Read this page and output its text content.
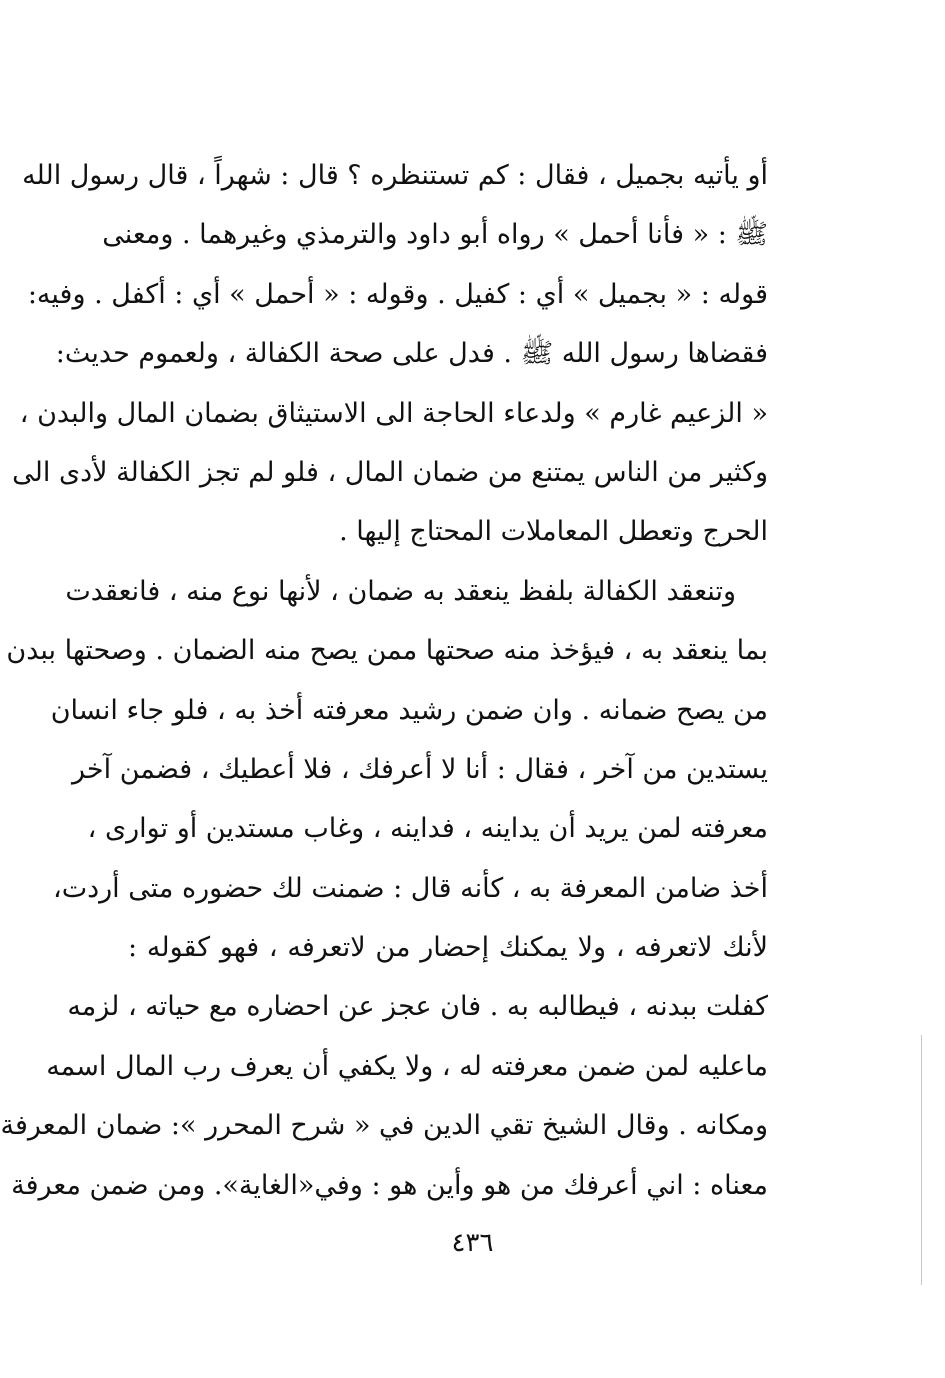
أو يأتيه بجميل ، فقال : كم تستنظره ؟ قال : شهراً ، قال رسول الله
ﷺ : « فأنا أحمل » رواه أبو داود والترمذي وغيرهما . ومعنى
قوله : « بجميل » أي : كفيل . وقوله : « أحمل » أي : أكفل . وفيه:
فقضاها رسول الله ﷺ . فدل على صحة الكفالة ، ولعموم حديث:
« الزعيم غارم » ولدعاء الحاجة الى الاستيثاق بضمان المال والبدن ،
وكثير من الناس يمتنع من ضمان المال ، فلو لم تجز الكفالة لأدى الى
الحرج وتعطل المعاملات المحتاج إليها .
وتنعقد الكفالة بلفظ ينعقد به ضمان ، لأنها نوع منه ، فانعقدت
بما ينعقد به ، فيؤخذ منه صحتها ممن يصح منه الضمان . وصحتها ببدن
من يصح ضمانه . وان ضمن رشيد معرفته أخذ به ، فلو جاء انسان
يستدين من آخر ، فقال : أنا لا أعرفك ، فلا أعطيك ، فضمن آخر
معرفته لمن يريد أن يداينه ، فداينه ، وغاب مستدين أو توارى ،
أخذ ضامن المعرفة به ، كأنه قال : ضمنت لك حضوره متى أردت،
لأنك لاتعرفه ، ولا يمكنك إحضار من لاتعرفه ، فهو كقوله :
كفلت ببدنه ، فيطالبه به . فان عجز عن احضاره مع حياته ، لزمه
ماعليه لمن ضمن معرفته له ، ولا يكفي أن يعرف رب المال اسمه
ومكانه . وقال الشيخ تقي الدين في « شرح المحرر »: ضمان المعرفة
معناه : اني أعرفك من هو وأين هو : وفي«الغاية». ومن ضمن معرفة
٤٣٦
